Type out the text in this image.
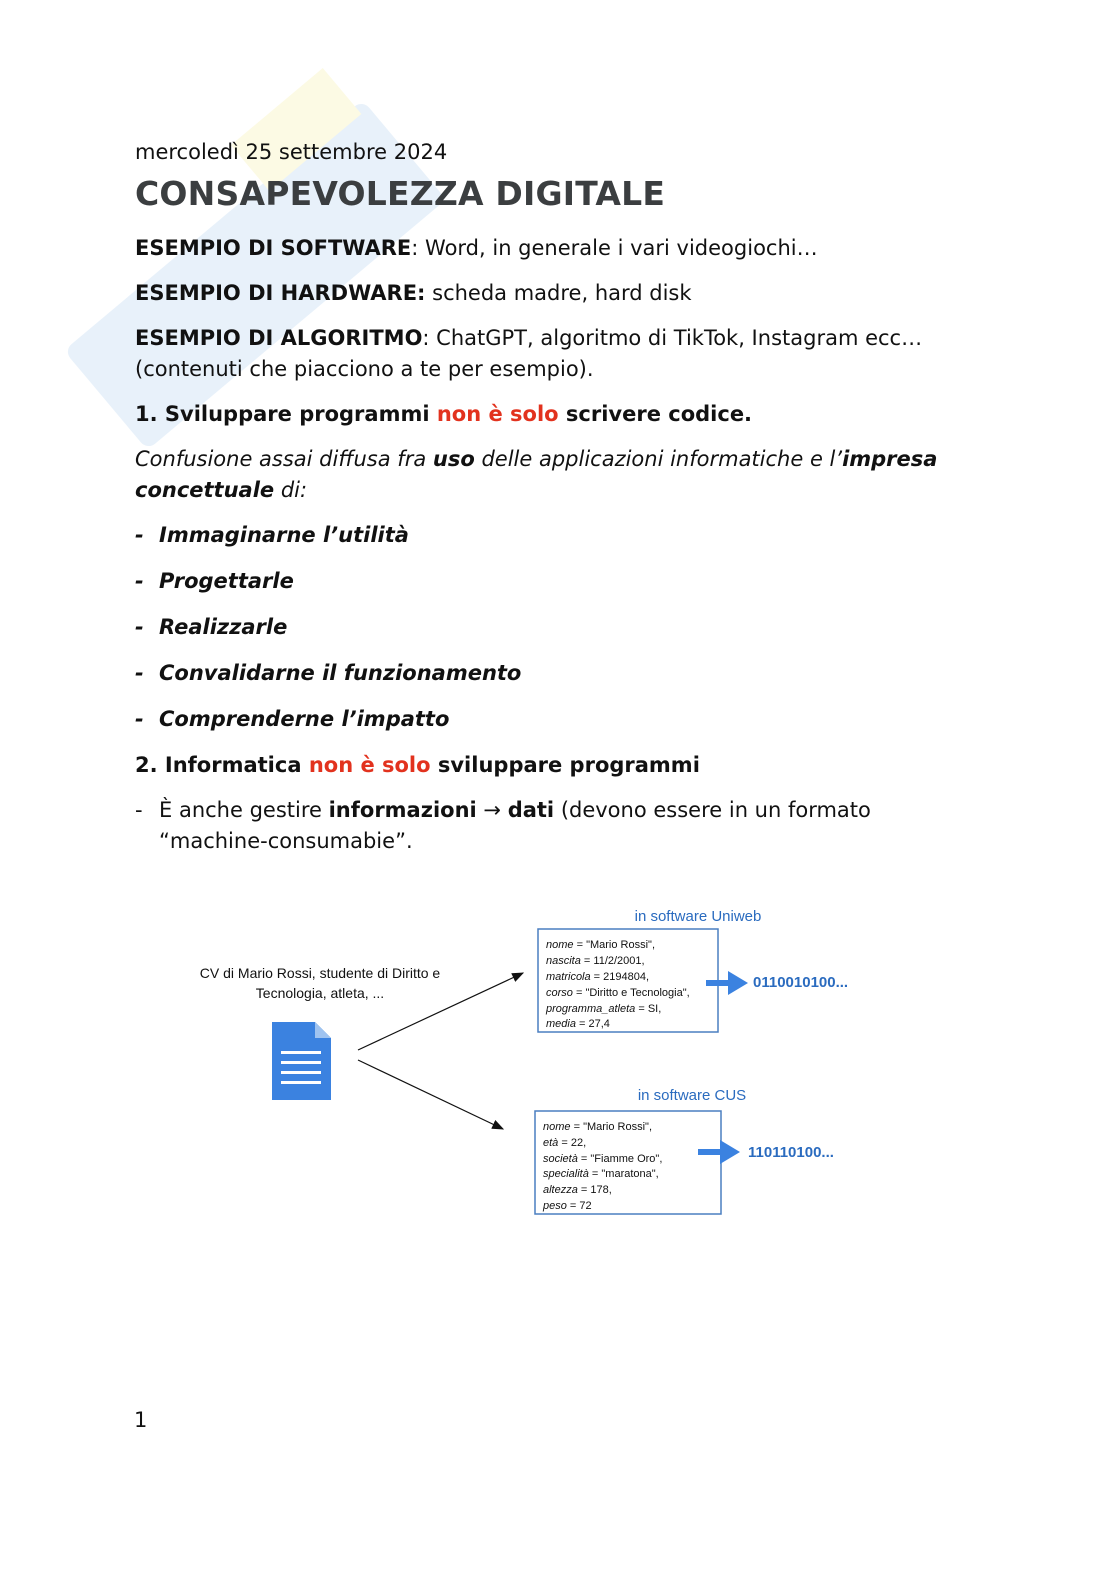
mercoledì 25 settembre 2024
CONSAPEVOLEZZA DIGITALE

ESEMPIO DI SOFTWARE: Word, in generale i vari videogiochi…

ESEMPIO DI HARDWARE: scheda madre, hard disk

ESEMPIO DI ALGORITMO: ChatGPT, algoritmo di TikTok, Instagram ecc… (contenuti che piacciono a te per esempio).

1. Sviluppare programmi non è solo scrivere codice.

Confusione assai diffusa fra uso delle applicazioni informatiche e l’impresa concettuale di:

- Immaginarne l’utilità
- Progettarle
- Realizzarle
- Convalidarne il funzionamento
- Comprenderne l’impatto

2. Informatica non è solo sviluppare programmi

- È anche gestire informazioni → dati (devono essere in un formato “machine-consumabie”.
CV di Mario Rossi, studente di Diritto e
Tecnologia, atleta, ...
in software Uniweb
nome = "Mario Rossi",
nascita = 11/2/2001,
matricola = 2194804,
corso = "Diritto e Tecnologia",
programma_atleta = SI,
media = 27,4
0110010100...
in software CUS
nome = "Mario Rossi",
età = 22,
società = "Fiamme Oro",
specialità = "maratona",
altezza = 178,
peso = 72
110110100...
1
